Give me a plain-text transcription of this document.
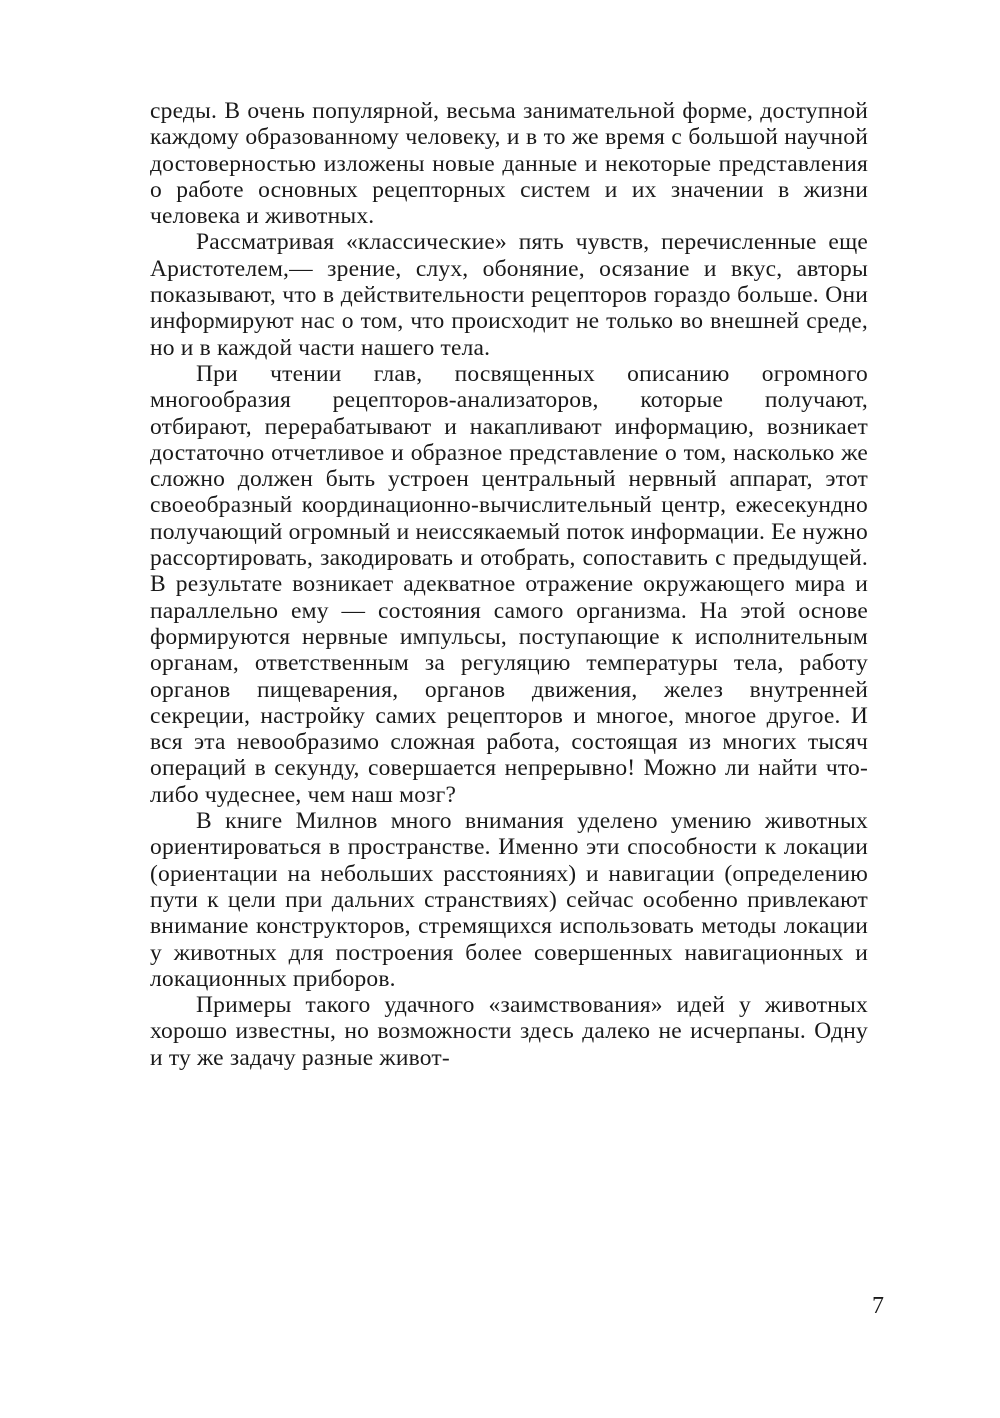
среды. В очень популярной, весьма занимательной форме, доступной каждому образованному человеку, и в то же время с большой научной достоверностью изложены новые данные и некоторые представления о работе основных рецепторных систем и их значении в жизни человека и животных.

Рассматривая «классические» пять чувств, перечисленные еще Аристотелем,— зрение, слух, обоняние, осязание и вкус, авторы показывают, что в действительности рецепторов гораздо больше. Они информируют нас о том, что происходит не только во внешней среде, но и в каждой части нашего тела.

При чтении глав, посвященных описанию огромного многообразия рецепторов-анализаторов, которые получают, отбирают, перерабатывают и накапливают информацию, возникает достаточно отчетливое и образное представление о том, насколько же сложно должен быть устроен центральный нервный аппарат, этот своеобразный координационно-вычислительный центр, ежесекундно получающий огромный и неиссякаемый поток информации. Ее нужно рассортировать, закодировать и отобрать, сопоставить с предыдущей. В результате возникает адекватное отражение окружающего мира и параллельно ему — состояния самого организма. На этой основе формируются нервные импульсы, поступающие к исполнительным органам, ответственным за регуляцию температуры тела, работу органов пищеварения, органов движения, желез внутренней секреции, настройку самих рецепторов и многое, многое другое. И вся эта невообразимо сложная работа, состоящая из многих тысяч операций в секунду, совершается непрерывно! Можно ли найти что-либо чудеснее, чем наш мозг?

В книге Милнов много внимания уделено умению животных ориентироваться в пространстве. Именно эти способности к локации (ориентации на небольших расстояниях) и навигации (определению пути к цели при дальних странствиях) сейчас особенно привлекают внимание конструкторов, стремящихся использовать методы локации у животных для построения более совершенных навигационных и локационных приборов.

Примеры такого удачного «заимствования» идей у животных хорошо известны, но возможности здесь далеко не исчерпаны. Одну и ту же задачу разные живот-

7
